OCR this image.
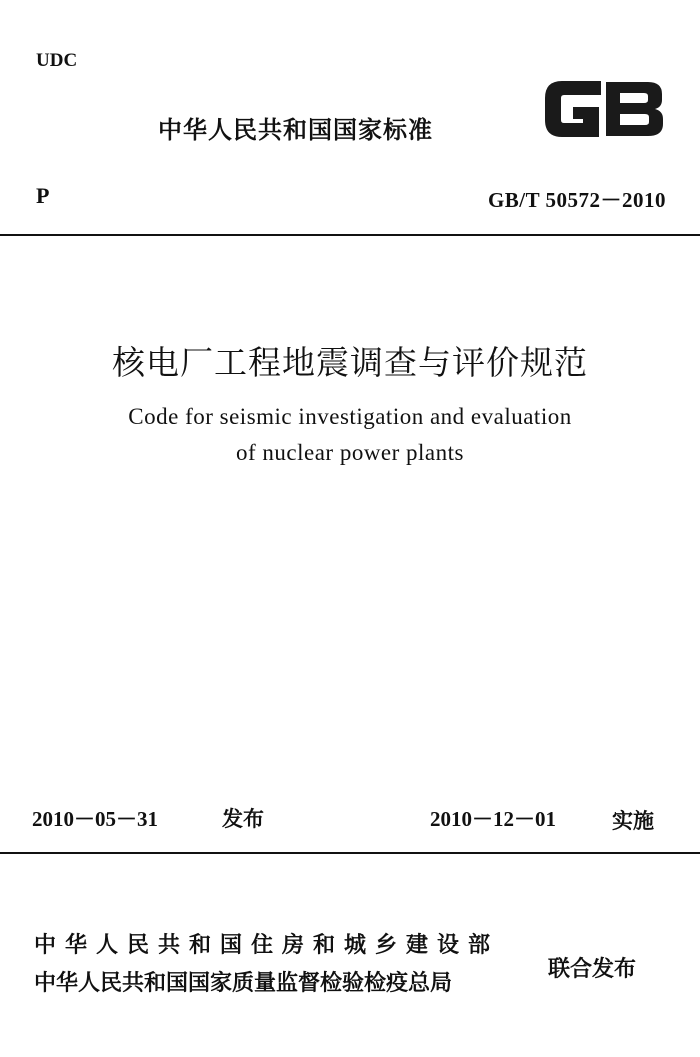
UDC
中华人民共和国国家标准
P	GB/T 50572－2010
核电厂工程地震调查与评价规范
Code for seismic investigation and evaluation
of nuclear power plants
2010－05－31	发布	2010－12－01	实施
中华人民共和国住房和城乡建设部
中华人民共和国国家质量监督检验检疫总局
联合发布
